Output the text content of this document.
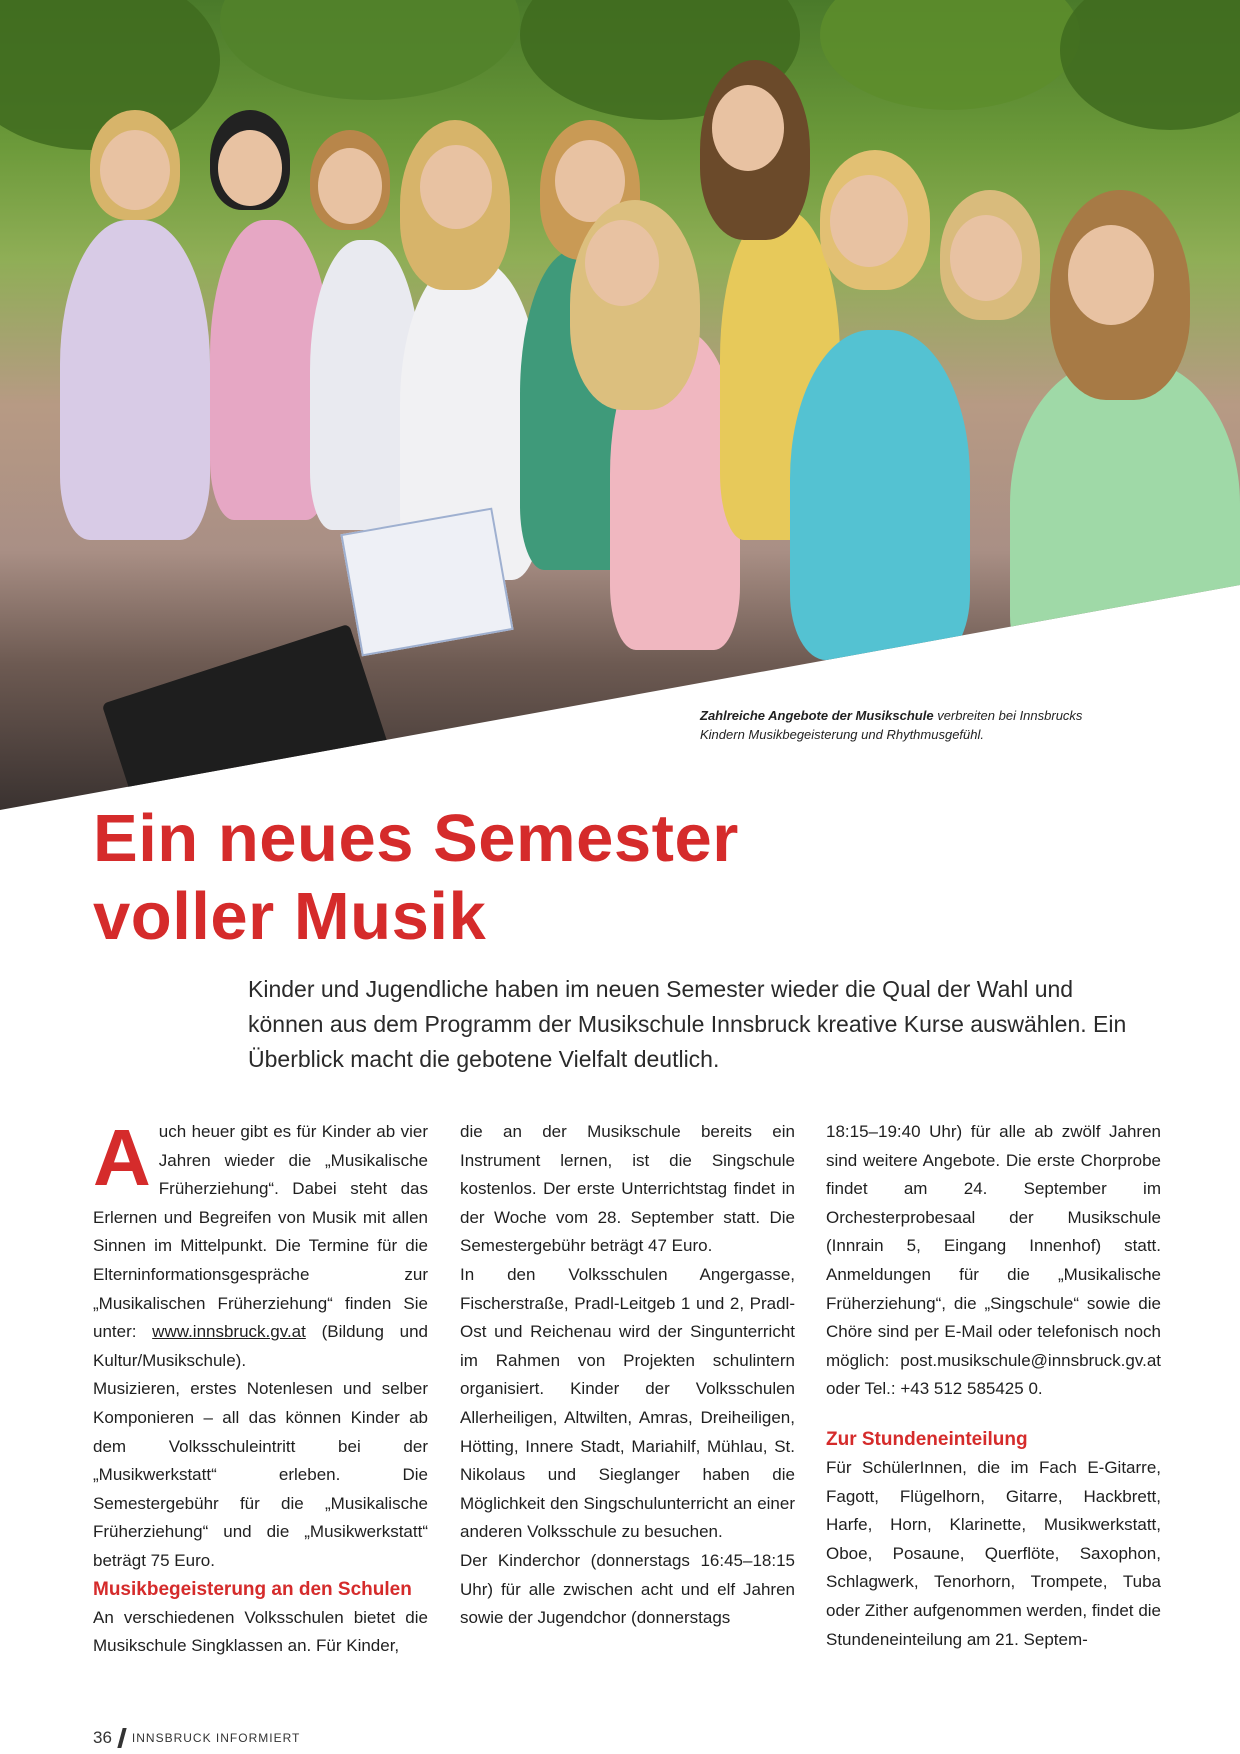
Zahlreiche Angebote der Musikschule verbreiten bei Innsbrucks Kindern Musikbegeisterung und Rhythmusgefühl.
Ein neues Semester
voller Musik
Kinder und Jugendliche haben im neuen Semester wieder die Qual der Wahl und können aus dem Programm der Musikschule Innsbruck kreative Kurse auswählen. Ein Überblick macht die gebotene Vielfalt deutlich.

Auch heuer gibt es für Kinder ab vier Jahren wieder die „Musikalische Früherziehung“. Dabei steht das Erlernen und Begreifen von Musik mit allen Sinnen im Mittelpunkt. Die Termine für die Elterninformationsgespräche zur „Musikalischen Früherziehung“ finden Sie unter: www.innsbruck.gv.at (Bildung und Kultur/Musikschule).

Musizieren, erstes Notenlesen und selber Komponieren – all das können Kinder ab dem Volksschuleintritt bei der „Musikwerkstatt“ erleben. Die Semestergebühr für die „Musikalische Früherziehung“ und die „Musikwerkstatt“ beträgt 75 Euro.

Musikbegeisterung an den Schulen

An verschiedenen Volksschulen bietet die Musikschule Singklassen an. Für Kinder,

die an der Musikschule bereits ein Instrument lernen, ist die Singschule kostenlos. Der erste Unterrichtstag findet in der Woche vom 28. September statt. Die Semestergebühr beträgt 47 Euro.

In den Volksschulen Angergasse, Fischerstraße, Pradl-Leitgeb 1 und 2, Pradl-Ost und Reichenau wird der Singunterricht im Rahmen von Projekten schulintern organisiert. Kinder der Volksschulen Allerheiligen, Altwilten, Amras, Dreiheiligen, Hötting, Innere Stadt, Mariahilf, Mühlau, St. Nikolaus und Sieglanger haben die Möglichkeit den Singschulunterricht an einer anderen Volksschule zu besuchen.

Der Kinderchor (donnerstags 16:45–18:15 Uhr) für alle zwischen acht und elf Jahren sowie der Jugendchor (donnerstags

18:15–19:40 Uhr) für alle ab zwölf Jahren sind weitere Angebote. Die erste Chorprobe findet am 24. September im Orchesterprobesaal der Musikschule (Innrain 5, Eingang Innenhof) statt. Anmeldungen für die „Musikalische Früherziehung“, die „Singschule“ sowie die Chöre sind per E-Mail oder telefonisch noch möglich: post.musikschule@innsbruck.gv.at oder Tel.: +43 512 585425 0.

Zur Stundeneinteilung

Für SchülerInnen, die im Fach E-Gitarre, Fagott, Flügelhorn, Gitarre, Hackbrett, Harfe, Horn, Klarinette, Musikwerkstatt, Oboe, Posaune, Querflöte, Saxophon, Schlagwerk, Tenorhorn, Trompete, Tuba oder Zither aufgenommen werden, findet die Stundeneinteilung am 21. Septem-

36 INNSBRUCK INFORMIERT
